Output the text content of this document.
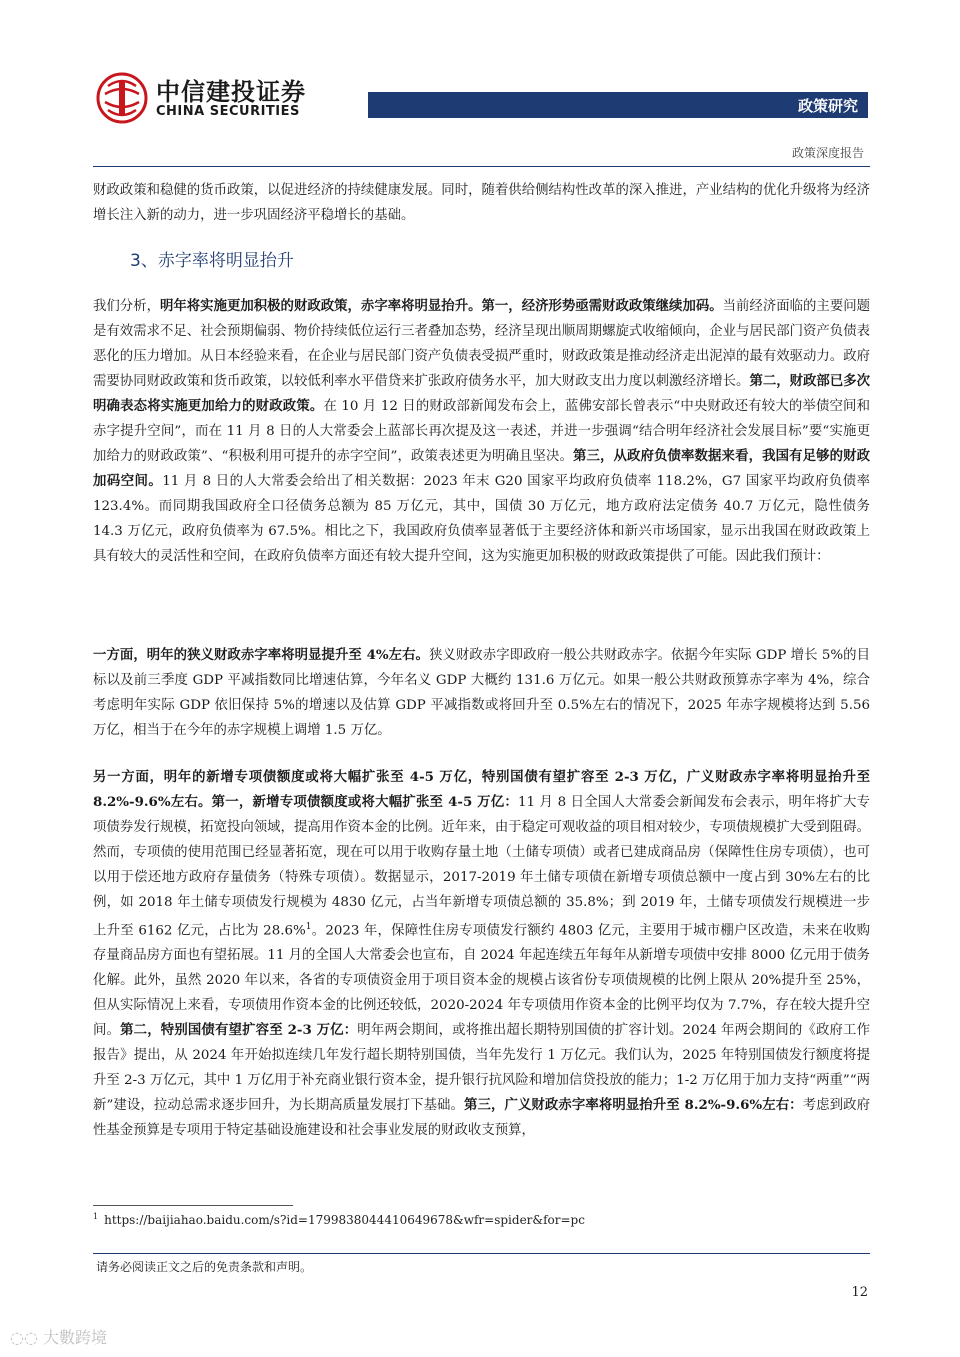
中信建投证券
CHINA SECURITIES	政策研究
政策深度报告

财政政策和稳健的货币政策，以促进经济的持续健康发展。同时，随着供给侧结构性改革的深入推进，产业结构的优化升级将为经济增长注入新的动力，进一步巩固经济平稳增长的基础。

3、赤字率将明显抬升

我们分析，明年将实施更加积极的财政政策，赤字率将明显抬升。第一，经济形势亟需财政政策继续加码。当前经济面临的主要问题是有效需求不足、社会预期偏弱、物价持续低位运行三者叠加态势，经济呈现出顺周期螺旋式收缩倾向，企业与居民部门资产负债表恶化的压力增加。从日本经验来看，在企业与居民部门资产负债表受损严重时，财政政策是推动经济走出泥淖的最有效驱动力。政府需要协同财政政策和货币政策，以较低利率水平借贷来扩张政府债务水平，加大财政支出力度以刺激经济增长。第二，财政部已多次明确表态将实施更加给力的财政政策。在 10 月 12 日的财政部新闻发布会上，蓝佛安部长曾表示“中央财政还有较大的举债空间和赤字提升空间”，而在 11 月 8 日的人大常委会上蓝部长再次提及这一表述，并进一步强调“结合明年经济社会发展目标”要“实施更加给力的财政政策”、“积极利用可提升的赤字空间”，政策表述更为明确且坚决。第三，从政府负债率数据来看，我国有足够的财政加码空间。11 月 8 日的人大常委会给出了相关数据：2023 年末 G20 国家平均政府负债率 118.2%，G7 国家平均政府负债率 123.4%。而同期我国政府全口径债务总额为 85 万亿元，其中，国债 30 万亿元，地方政府法定债务 40.7 万亿元，隐性债务 14.3 万亿元，政府负债率为 67.5%。相比之下，我国政府负债率显著低于主要经济体和新兴市场国家，显示出我国在财政政策上具有较大的灵活性和空间，在政府负债率方面还有较大提升空间，这为实施更加积极的财政政策提供了可能。因此我们预计：

一方面，明年的狭义财政赤字率将明显提升至 4%左右。狭义财政赤字即政府一般公共财政赤字。依据今年实际 GDP 增长 5%的目标以及前三季度 GDP 平减指数同比增速估算，今年名义 GDP 大概约 131.6 万亿元。如果一般公共财政预算赤字率为 4%，综合考虑明年实际 GDP 依旧保持 5%的增速以及估算 GDP 平减指数或将回升至 0.5%左右的情况下，2025 年赤字规模将达到 5.56 万亿，相当于在今年的赤字规模上调增 1.5 万亿。

另一方面，明年的新增专项债额度或将大幅扩张至 4-5 万亿，特别国债有望扩容至 2-3 万亿，广义财政赤字率将明显抬升至 8.2%-9.6%左右。第一，新增专项债额度或将大幅扩张至 4-5 万亿：11 月 8 日全国人大常委会新闻发布会表示，明年将扩大专项债券发行规模，拓宽投向领域，提高用作资本金的比例。近年来，由于稳定可观收益的项目相对较少，专项债规模扩大受到阻碍。然而，专项债的使用范围已经显著拓宽，现在可以用于收购存量土地（土储专项债）或者已建成商品房（保障性住房专项债），也可以用于偿还地方政府存量债务（特殊专项债）。数据显示，2017-2019 年土储专项债在新增专项债总额中一度占到 30%左右的比例，如 2018 年土储专项债发行规模为 4830 亿元，占当年新增专项债总额的 35.8%；到 2019 年，土储专项债发行规模进一步上升至 6162 亿元，占比为 28.6%$^1$。2023 年，保障性住房专项债发行额约 4803 亿元，主要用于城市棚户区改造，未来在收购存量商品房方面也有望拓展。11 月的全国人大常委会也宣布，自 2024 年起连续五年每年从新增专项债中安排 8000 亿元用于债务化解。此外，虽然 2020 年以来，各省的专项债资金用于项目资本金的规模占该省份专项债规模的比例上限从 20%提升至 25%，但从实际情况上来看，专项债用作资本金的比例还较低，2020-2024 年专项债用作资本金的比例平均仅为 7.7%，存在较大提升空间。第二，特别国债有望扩容至 2-3 万亿：明年两会期间，或将推出超长期特别国债的扩容计划。2024 年两会期间的《政府工作报告》提出，从 2024 年开始拟连续几年发行超长期特别国债，当年先发行 1 万亿元。我们认为，2025 年特别国债发行额度将提升至 2-3 万亿元，其中 1 万亿用于补充商业银行资本金，提升银行抗风险和增加信贷投放的能力；1-2 万亿用于加力支持“两重”“两新”建设，拉动总需求逐步回升，为长期高质量发展打下基础。第三，广义财政赤字率将明显抬升至 8.2%-9.6%左右：考虑到政府性基金预算是专项用于特定基础设施建设和社会事业发展的财政收支预算，

$^1$ https://baijiahao.baidu.com/s?id=1799838044410649678&wfr=spider&for=pc
请务必阅读正文之后的免责条款和声明。
12
◌◌ 大數跨境
